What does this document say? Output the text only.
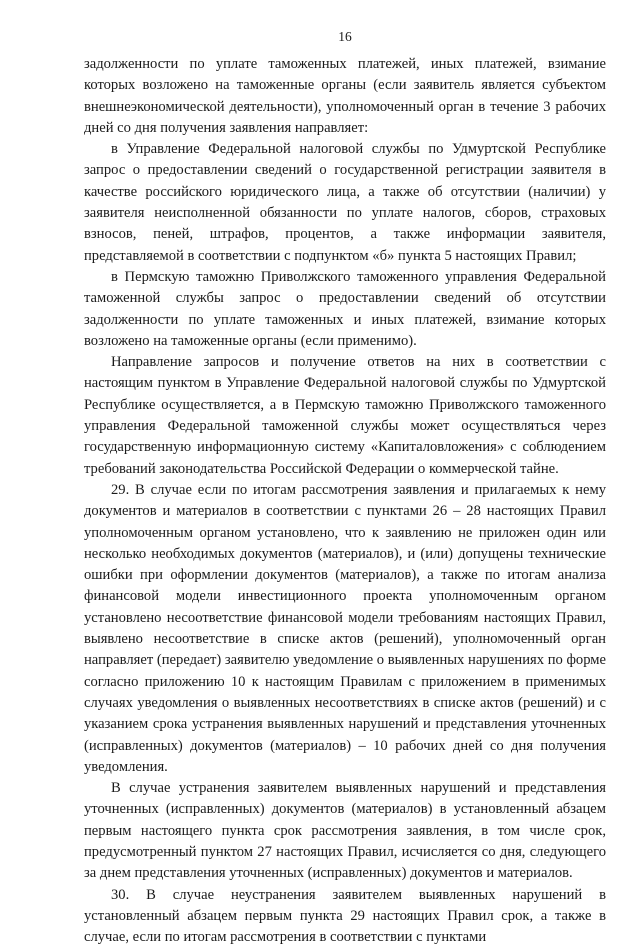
16

задолженности по уплате таможенных платежей, иных платежей, взимание которых возложено на таможенные органы (если заявитель является субъектом внешнеэкономической деятельности), уполномоченный орган в течение 3 рабочих дней со дня получения заявления направляет:

в Управление Федеральной налоговой службы по Удмуртской Республике запрос о предоставлении сведений о государственной регистрации заявителя в качестве российского юридического лица, а также об отсутствии (наличии) у заявителя неисполненной обязанности по уплате налогов, сборов, страховых взносов, пеней, штрафов, процентов, а также информации заявителя, представляемой в соответствии с подпунктом «б» пункта 5 настоящих Правил;

в Пермскую таможню Приволжского таможенного управления Федеральной таможенной службы запрос о предоставлении сведений об отсутствии задолженности по уплате таможенных и иных платежей, взимание которых возложено на таможенные органы (если применимо).

Направление запросов и получение ответов на них в соответствии с настоящим пунктом в Управление Федеральной налоговой службы по Удмуртской Республике осуществляется, а в Пермскую таможню Приволжского таможенного управления Федеральной таможенной службы может осуществляться через государственную информационную систему «Капиталовложения» с соблюдением требований законодательства Российской Федерации о коммерческой тайне.

29. В случае если по итогам рассмотрения заявления и прилагаемых к нему документов и материалов в соответствии с пунктами 26 – 28 настоящих Правил уполномоченным органом установлено, что к заявлению не приложен один или несколько необходимых документов (материалов), и (или) допущены технические ошибки при оформлении документов (материалов), а также по итогам анализа финансовой модели инвестиционного проекта уполномоченным органом установлено несоответствие финансовой модели требованиям настоящих Правил, выявлено несоответствие в списке актов (решений), уполномоченный орган направляет (передает) заявителю уведомление о выявленных нарушениях по форме согласно приложению 10 к настоящим Правилам с приложением в применимых случаях уведомления о выявленных несоответствиях в списке актов (решений) и с указанием срока устранения выявленных нарушений и представления уточненных (исправленных) документов (материалов) – 10 рабочих дней со дня получения уведомления.

В случае устранения заявителем выявленных нарушений и представления уточненных (исправленных) документов (материалов) в установленный абзацем первым настоящего пункта срок рассмотрения заявления, в том числе срок, предусмотренный пунктом 27 настоящих Правил, исчисляется со дня, следующего за днем представления уточненных (исправленных) документов и материалов.

30. В случае неустранения заявителем выявленных нарушений в установленный абзацем первым пункта 29 настоящих Правил срок, а также в случае, если по итогам рассмотрения в соответствии с пунктами
